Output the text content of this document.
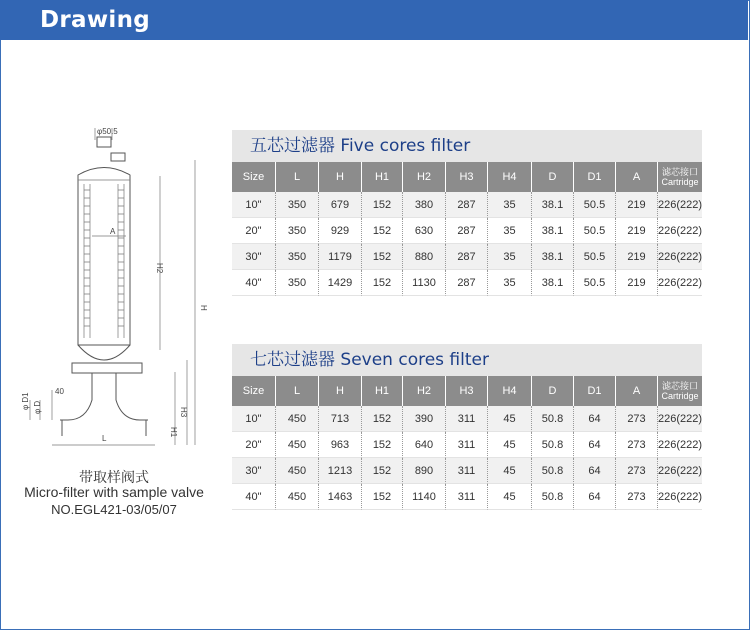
Drawing
φ50.5
A
H2
H
H1
H3
40
φ D1 φ D
L
带取样阀式
Micro-filter with sample valve
NO.EGL421-03/05/07
五芯过滤器 Five cores filter
Size	L	H	H1	H2	H3	H4	D	D1	A	滤芯接口
Cartridge
10"	350	679	152	380	287	35	38.1	50.5	219	226(222)
20"	350	929	152	630	287	35	38.1	50.5	219	226(222)
30"	350	1179	152	880	287	35	38.1	50.5	219	226(222)
40"	350	1429	152	1130	287	35	38.1	50.5	219	226(222)
七芯过滤器 Seven cores filter
Size	L	H	H1	H2	H3	H4	D	D1	A	滤芯接口
Cartridge
10"	450	713	152	390	311	45	50.8	64	273	226(222)
20"	450	963	152	640	311	45	50.8	64	273	226(222)
30"	450	1213	152	890	311	45	50.8	64	273	226(222)
40"	450	1463	152	1140	311	45	50.8	64	273	226(222)
